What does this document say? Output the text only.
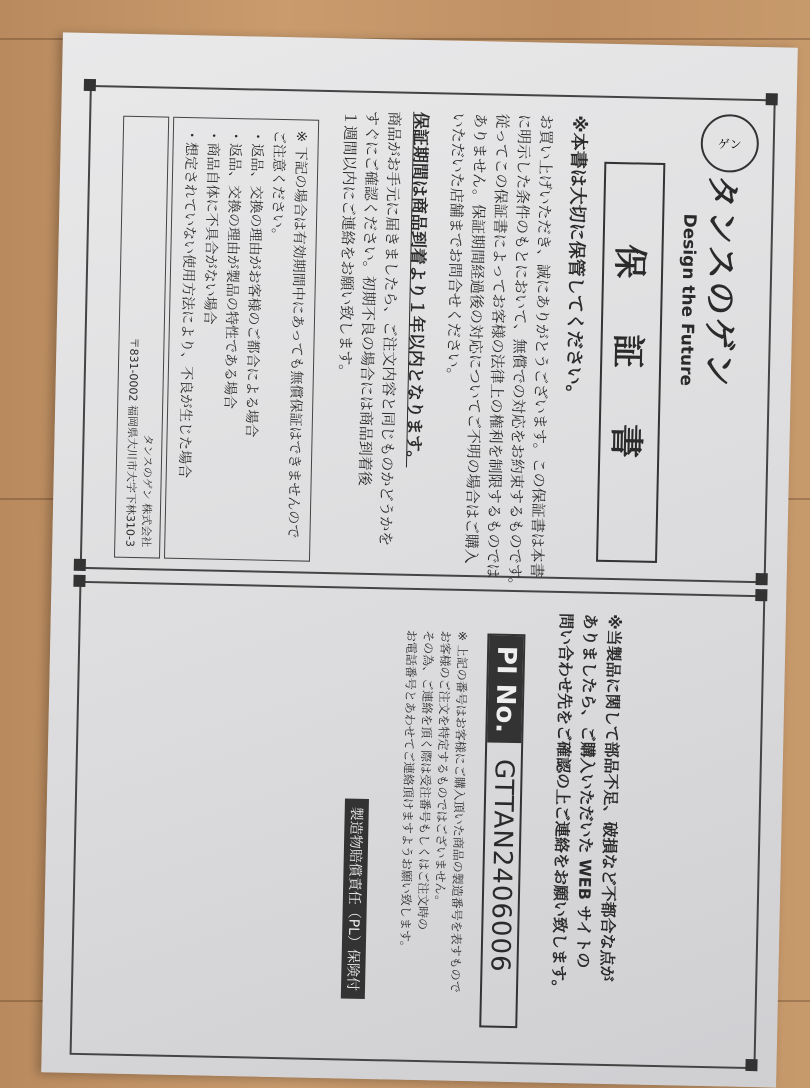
ゲン
タンスのゲン
Design the Future
保 証 書
※本書は大切に保管してください。
お買い上げいただき、誠にありがとうございます。この保証書は本書
に明示した条件のもとにおいて、無償での対応をお約束するものです。
従ってこの保証書によってお客様の法律上の権利を制限するものでは
ありません。保証期間経過後の対応についてご不明の場合はご購入
いただいた店舗までお問合せください。
保証期間は商品到着より１年以内となります。
商品がお手元に届きましたら、ご注文内容と同じものかどうかを
すぐにご確認ください。初期不良の場合には商品到着後
１週間以内にご連絡をお願い致します。
※ 下記の場合は有効期間中にあっても無償保証はできませんので
ご注意ください。
・返品、交換の理由がお客様のご都合による場合
・返品、交換の理由が製品の特性である場合
・商品自体に不具合がない場合
・想定されていない使用方法により、不良が生じた場合
タンスのゲン 株式会社
〒831-0002 福岡県大川市大字下林310-3
※当製品に関して部品不足、破損など不都合な点が
ありましたら、ご購入いただいた WEB サイトの
問い合わせ先をご確認の上ご連絡をお願い致します。
PI No.
GTTAN2406006
※ 上記の番号はお客様にご購入頂いた商品の製造番号を表すもので
お客様のご注文を特定するものではございません。
その為、ご連絡を頂く際は受注番号もしくはご注文時の
お電話番号とあわせてご連絡頂けますようお願い致します。
製造物賠償責任（PL）保険付
